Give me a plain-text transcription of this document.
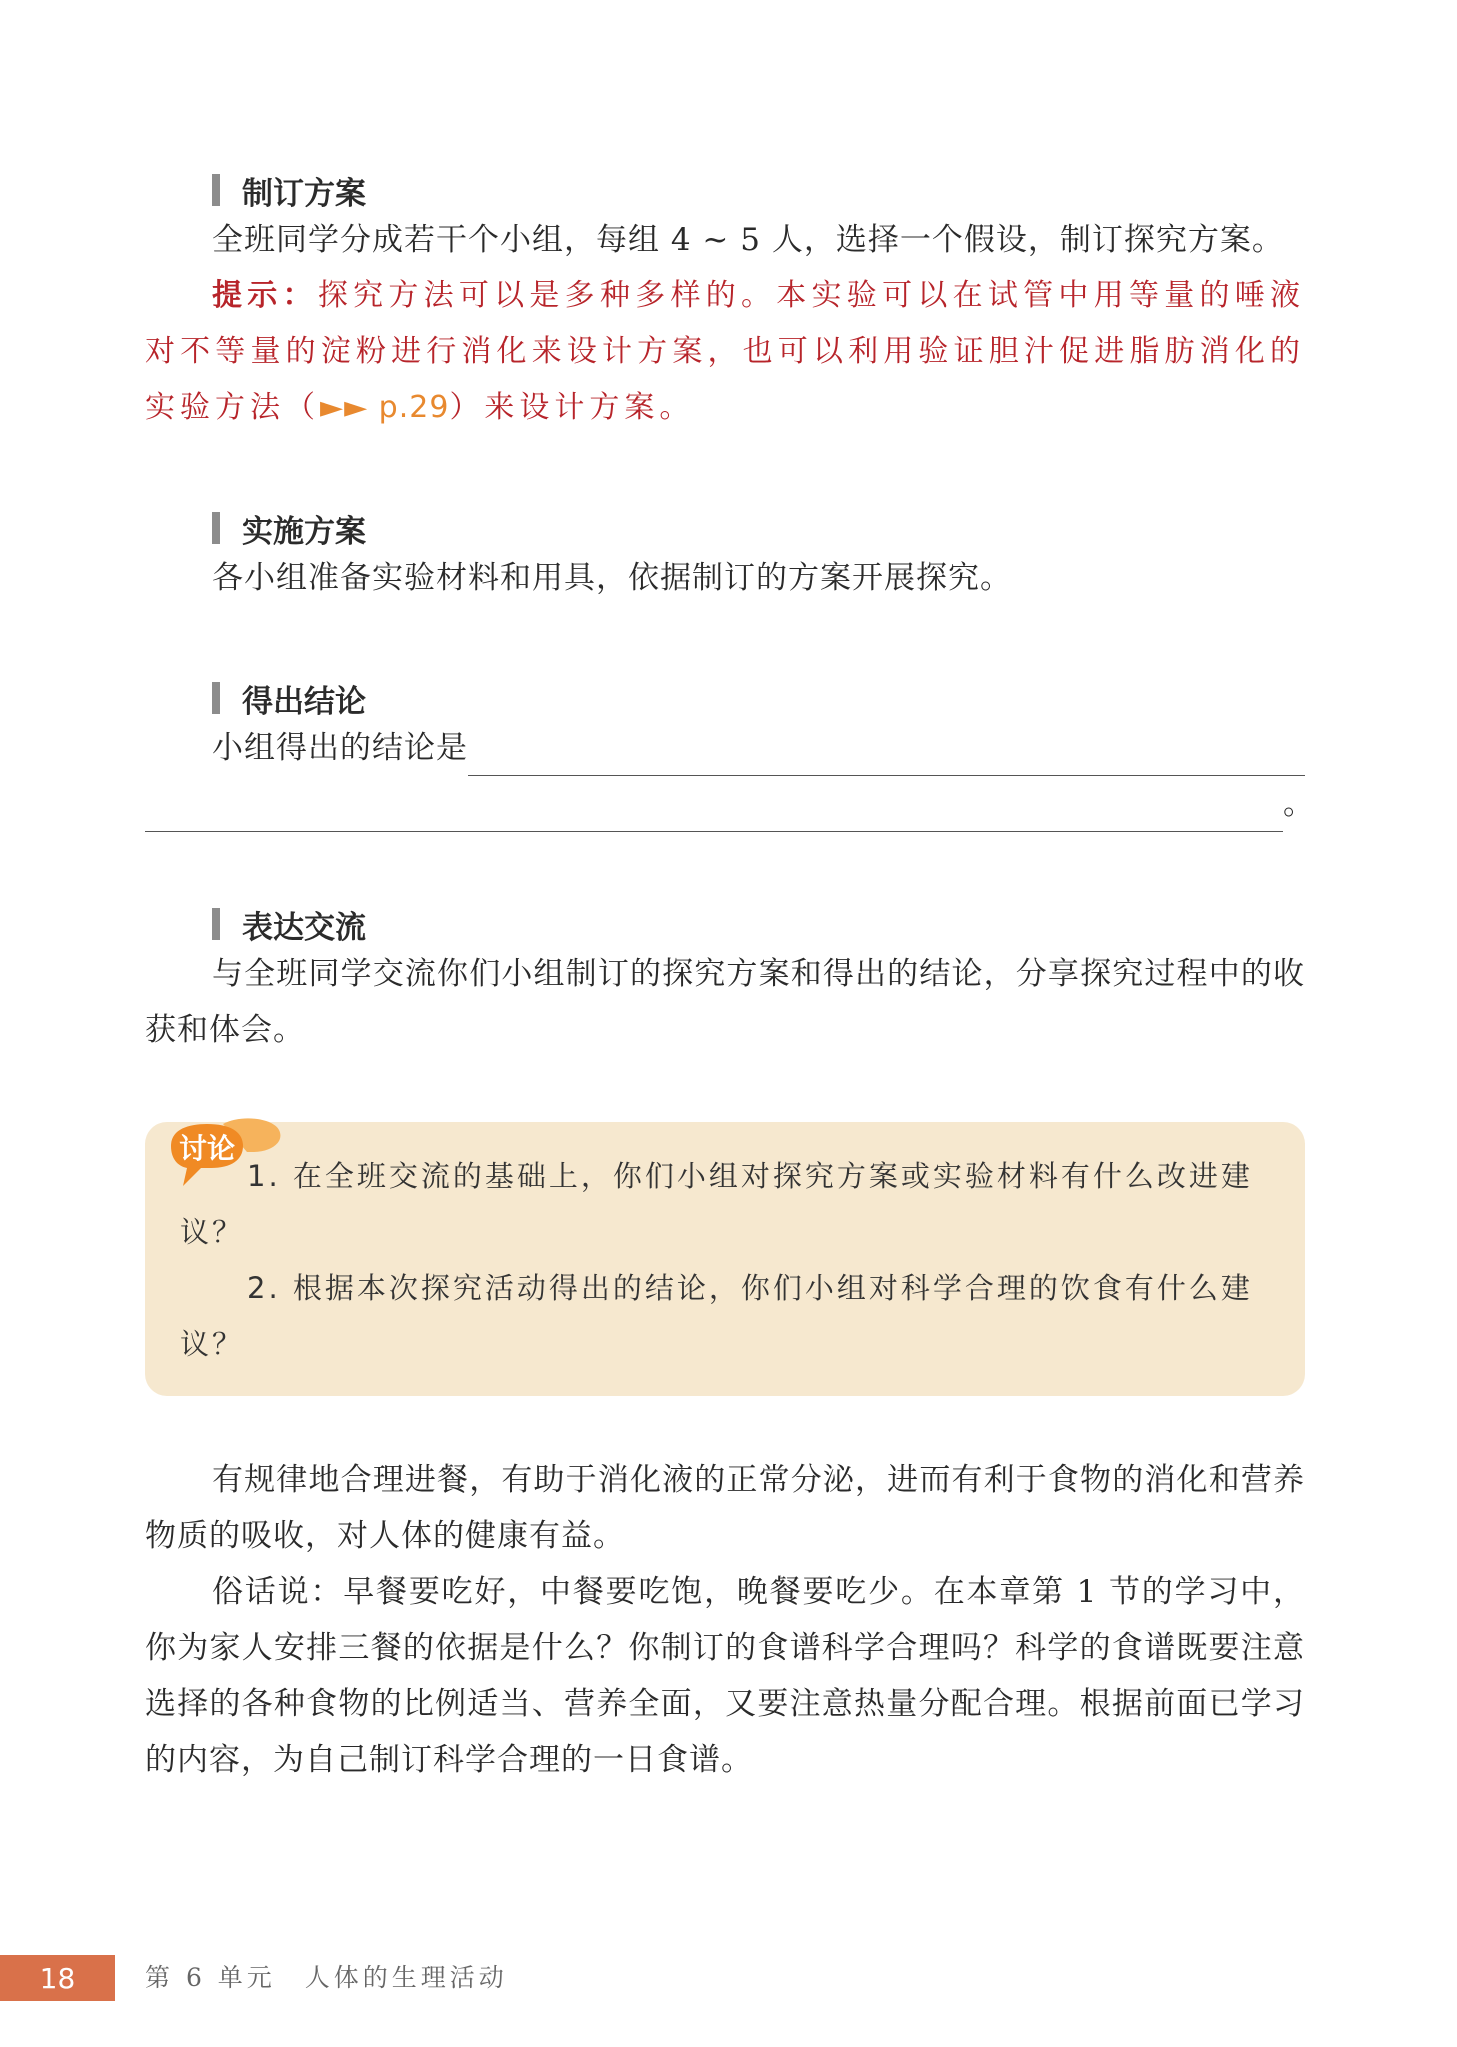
制订方案
全班同学分成若干个小组，每组 4 ~ 5 人，选择一个假设，制订探究方案。
提示：探究方法可以是多种多样的。本实验可以在试管中用等量的唾液对不等量的淀粉进行消化来设计方案，也可以利用验证胆汁促进脂肪消化的实验方法（►► p.29）来设计方案。
实施方案
各小组准备实验材料和用具，依据制订的方案开展探究。
得出结论
小组得出的结论是
。
表达交流
与全班同学交流你们小组制订的探究方案和得出的结论，分享探究过程中的收获和体会。
讨论
1. 在全班交流的基础上，你们小组对探究方案或实验材料有什么改进建议？
2. 根据本次探究活动得出的结论，你们小组对科学合理的饮食有什么建议？
有规律地合理进餐，有助于消化液的正常分泌，进而有利于食物的消化和营养物质的吸收，对人体的健康有益。
俗话说：早餐要吃好，中餐要吃饱，晚餐要吃少。在本章第 1 节的学习中，你为家人安排三餐的依据是什么？你制订的食谱科学合理吗？科学的食谱既要注意选择的各种食物的比例适当、营养全面，又要注意热量分配合理。根据前面已学习的内容，为自己制订科学合理的一日食谱。
18	第 6 单元　人体的生理活动
